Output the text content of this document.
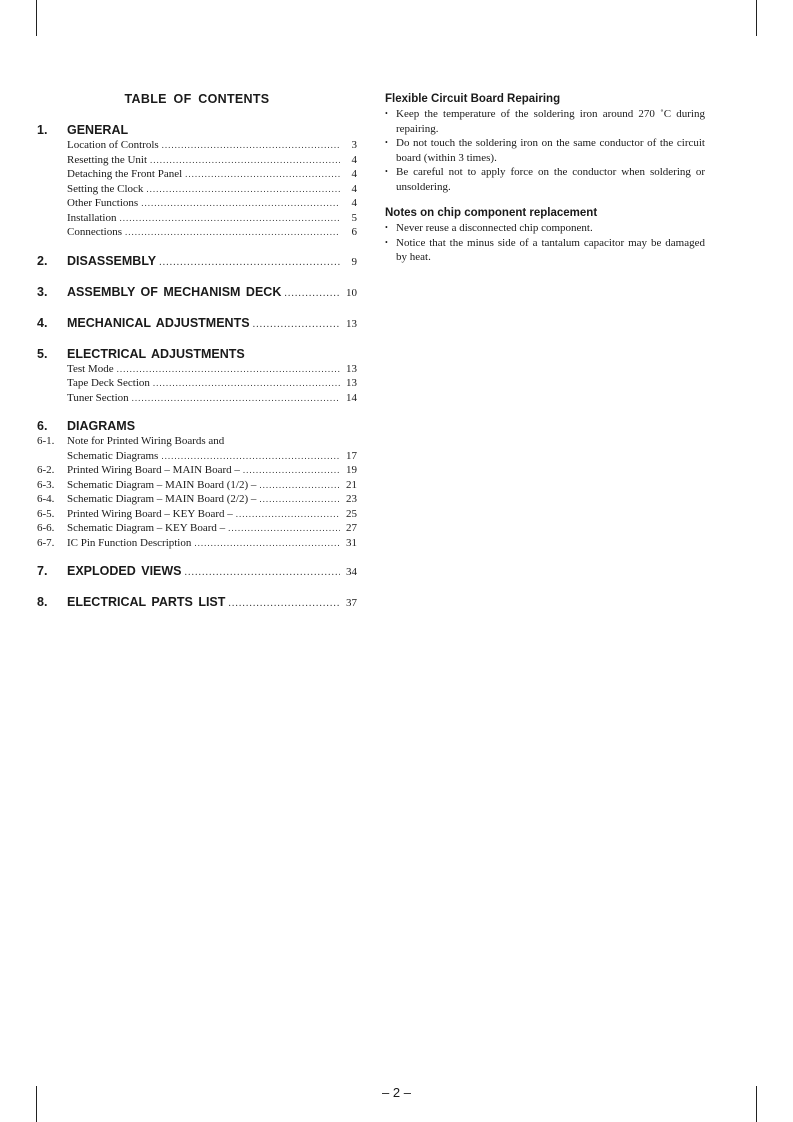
TABLE OF CONTENTS
1.	GENERAL
Location of Controls .....	3
Resetting the Unit .....	4
Detaching the Front Panel .....	4
Setting the Clock .....	4
Other Functions .....	4
Installation .....	5
Connections .....	6
2.	DISASSEMBLY .....	9
3.	ASSEMBLY OF MECHANISM DECK .....	10
4.	MECHANICAL ADJUSTMENTS .....	13
5.	ELECTRICAL ADJUSTMENTS
Test Mode .....	13
Tape Deck Section .....	13
Tuner Section .....	14
6.	DIAGRAMS
6-1.	Note for Printed Wiring Boards and
Schematic Diagrams .....	17
6-2.	Printed Wiring Board – MAIN Board – .....	19
6-3.	Schematic Diagram – MAIN Board (1/2) – .....	21
6-4.	Schematic Diagram – MAIN Board (2/2) – .....	23
6-5.	Printed Wiring Board – KEY Board – .....	25
6-6.	Schematic Diagram – KEY Board – .....	27
6-7.	IC Pin Function Description .....	31
7.	EXPLODED VIEWS .....	34
8.	ELECTRICAL PARTS LIST .....	37
Flexible Circuit Board Repairing
• Keep the temperature of the soldering iron around 270 ˚C during repairing.
• Do not touch the soldering iron on the same conductor of the circuit board (within 3 times).
• Be careful not to apply force on the conductor when soldering or unsoldering.
Notes on chip component replacement
• Never reuse a disconnected chip component.
• Notice that the minus side of a tantalum capacitor may be damaged by heat.
– 2 –
